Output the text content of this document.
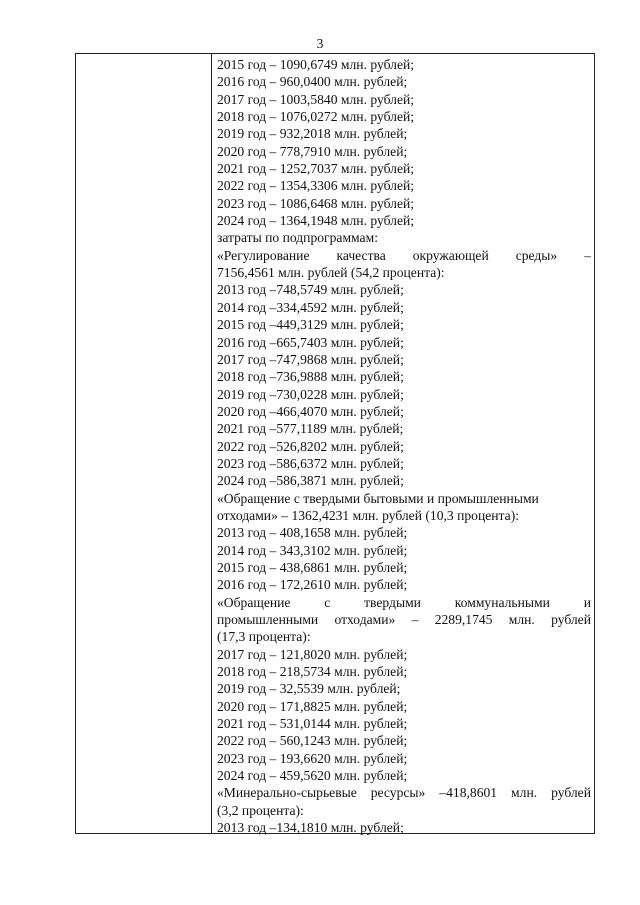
3
2015 год – 1090,6749 млн. рублей;
2016 год – 960,0400 млн. рублей;
2017 год – 1003,5840 млн. рублей;
2018 год – 1076,0272 млн. рублей;
2019 год – 932,2018 млн. рублей;
2020 год – 778,7910 млн. рублей;
2021 год – 1252,7037 млн. рублей;
2022 год – 1354,3306 млн. рублей;
2023 год – 1086,6468 млн. рублей;
2024 год – 1364,1948 млн. рублей;
затраты по подпрограммам:
«Регулирование качества окружающей среды» –
7156,4561 млн. рублей (54,2 процента):
2013 год –748,5749 млн. рублей;
2014 год –334,4592 млн. рублей;
2015 год –449,3129 млн. рублей;
2016 год –665,7403 млн. рублей;
2017 год –747,9868 млн. рублей;
2018 год –736,9888 млн. рублей;
2019 год –730,0228 млн. рублей;
2020 год –466,4070 млн. рублей;
2021 год –577,1189 млн. рублей;
2022 год –526,8202 млн. рублей;
2023 год –586,6372 млн. рублей;
2024 год –586,3871 млн. рублей;
«Обращение с твердыми бытовыми и промышленными
отходами» – 1362,4231 млн. рублей (10,3 процента):
2013 год – 408,1658 млн. рублей;
2014 год – 343,3102 млн. рублей;
2015 год – 438,6861 млн. рублей;
2016 год – 172,2610 млн. рублей;
«Обращение с твердыми коммунальными и
промышленными отходами» – 2289,1745 млн. рублей
(17,3 процента):
2017 год – 121,8020 млн. рублей;
2018 год – 218,5734 млн. рублей;
2019 год – 32,5539 млн. рублей;
2020 год – 171,8825 млн. рублей;
2021 год – 531,0144 млн. рублей;
2022 год – 560,1243 млн. рублей;
2023 год – 193,6620 млн. рублей;
2024 год – 459,5620 млн. рублей;
«Минерально-сырьевые ресурсы» –418,8601 млн. рублей
(3,2 процента):
2013 год –134,1810 млн. рублей;
